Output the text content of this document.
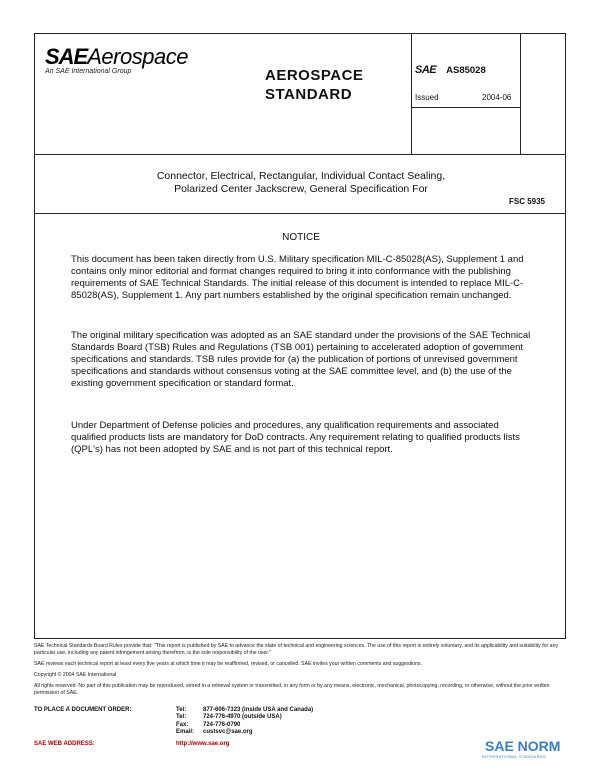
SAEAerospace
An SAE International Group	AEROSPACE
STANDARD
SAE AS85028
Issued	2004-06
Connector, Electrical, Rectangular, Individual Contact Sealing,
Polarized Center Jackscrew, General Specification For
FSC 5935
NOTICE
This document has been taken directly from U.S. Military specification MIL-C-85028(AS), Supplement 1 and contains only minor editorial and format changes required to bring it into conformance with the publishing requirements of SAE Technical Standards. The initial release of this document is intended to replace MIL-C-85028(AS), Supplement 1. Any part numbers established by the original specification remain unchanged.
The original military specification was adopted as an SAE standard under the provisions of the SAE Technical Standards Board (TSB) Rules and Regulations (TSB 001) pertaining to accelerated adoption of government specifications and standards. TSB rules provide for (a) the publication of portions of unrevised government specifications and standards without consensus voting at the SAE committee level, and (b) the use of the existing government specification or standard format.
Under Department of Defense policies and procedures, any qualification requirements and associated qualified products lists are mandatory for DoD contracts. Any requirement relating to qualified products lists (QPL's) has not been adopted by SAE and is not part of this technical report.

SAE Technical Standards Board Rules provide that: "This report is published by SAE to advance the state of technical and engineering sciences. The use of this report is entirely voluntary, and its applicability and suitability for any particular use, including any patent infringement arising therefrom, is the sole responsibility of the user."

SAE reviews each technical report at least every five years at which time it may be reaffirmed, revised, or cancelled. SAE invites your written comments and suggestions.

Copyright © 2004 SAE International

All rights reserved. No part of this publication may be reproduced, stored in a retrieval system or transmitted, in any form or by any means, electronic, mechanical, photocopying, recording, or otherwise, without the prior written permission of SAE.

TO PLACE A DOCUMENT ORDER:	Tel:	877-606-7323 (inside USA and Canada)
Tel:	724-776-4970 (outside USA)
Fax: 724-776-0790
Email: custsvc@sae.org
SAE WEB ADDRESS:	http://www.sae.org	SAE NORM
INTERNATIONAL STANDARDS
